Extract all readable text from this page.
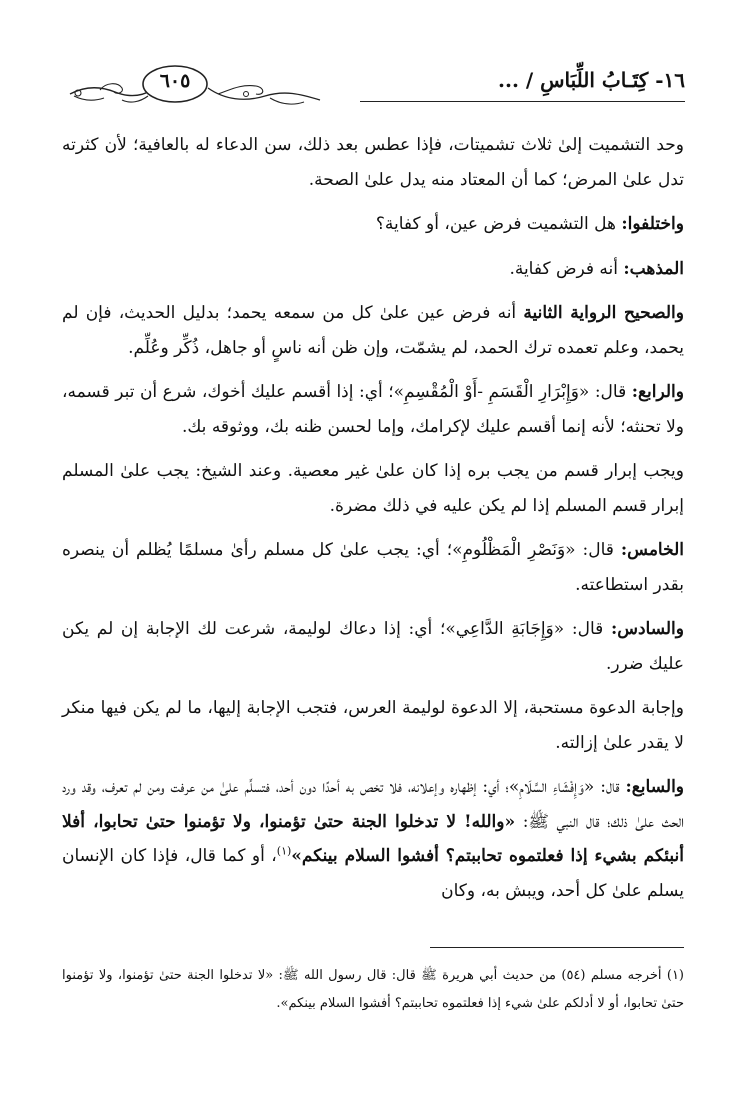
٦٠٥	١٦- كِتَـابُ اللِّبَاسِ / ...

وحد التشميت إلىٰ ثلاث تشميتات، فإذا عطس بعد ذلك، سن الدعاء له بالعافية؛ لأن كثرته تدل علىٰ المرض؛ كما أن المعتاد منه يدل علىٰ الصحة.

واختلفوا: هل التشميت فرض عين، أو كفاية؟

المذهب: أنه فرض كفاية.

والصحيح الرواية الثانية أنه فرض عين علىٰ كل من سمعه يحمد؛ بدليل الحديث، فإن لم يحمد، وعلم تعمده ترك الحمد، لم يشمّت، وإن ظن أنه ناسٍ أو جاهل، ذُكِّر وعُلِّم.

والرابع: قال: «وَإِبْرَارِ الْقَسَمِ -أَوْ الْمُقْسِمِ»؛ أي: إذا أقسم عليك أخوك، شرع أن تبر قسمه، ولا تحنثه؛ لأنه إنما أقسم عليك لإكرامك، وإما لحسن ظنه بك، ووثوقه بك.

ويجب إبرار قسم من يجب بره إذا كان علىٰ غير معصية. وعند الشيخ: يجب علىٰ المسلم إبرار قسم المسلم إذا لم يكن عليه في ذلك مضرة.

الخامس: قال: «وَنَصْرِ الْمَظْلُومِ»؛ أي: يجب علىٰ كل مسلم رأىٰ مسلمًا يُظلم أن ينصره بقدر استطاعته.

والسادس: قال: «وَإِجَابَةِ الدَّاعِي»؛ أي: إذا دعاك لوليمة، شرعت لك الإجابة إن لم يكن عليك ضرر.

وإجابة الدعوة مستحبة، إلا الدعوة لوليمة العرس، فتجب الإجابة إليها، ما لم يكن فيها منكر لا يقدر علىٰ إزالته.

والسابع: قال: «وَإِفْشَاءِ السَّلَامِ»؛ أي: إظهاره وإعلانه، فلا تخص به أحدًا دون أحد، فتسلِّم علىٰ من عرفت ومن لم تعرف، وقد ورد الحث علىٰ ذلك؛ قال النبي ﷺ: «والله! لا تدخلوا الجنة حتىٰ تؤمنوا، ولا تؤمنوا حتىٰ تحابوا، أفلا أنبئكم بشيء إذا فعلتموه تحاببتم؟ أفشوا السلام بينكم»$^{(١)}$، أو كما قال، فإذا كان الإنسان يسلم علىٰ كل أحد، ويبش به، وكان

(١) أخرجه مسلم (٥٤) من حديث أبي هريرة ﷺ قال: قال رسول الله ﷺ: «لا تدخلوا الجنة حتىٰ تؤمنوا، ولا تؤمنوا حتىٰ تحابوا، أو لا أدلكم علىٰ شيء إذا فعلتموه تحاببتم؟ أفشوا السلام بينكم».
